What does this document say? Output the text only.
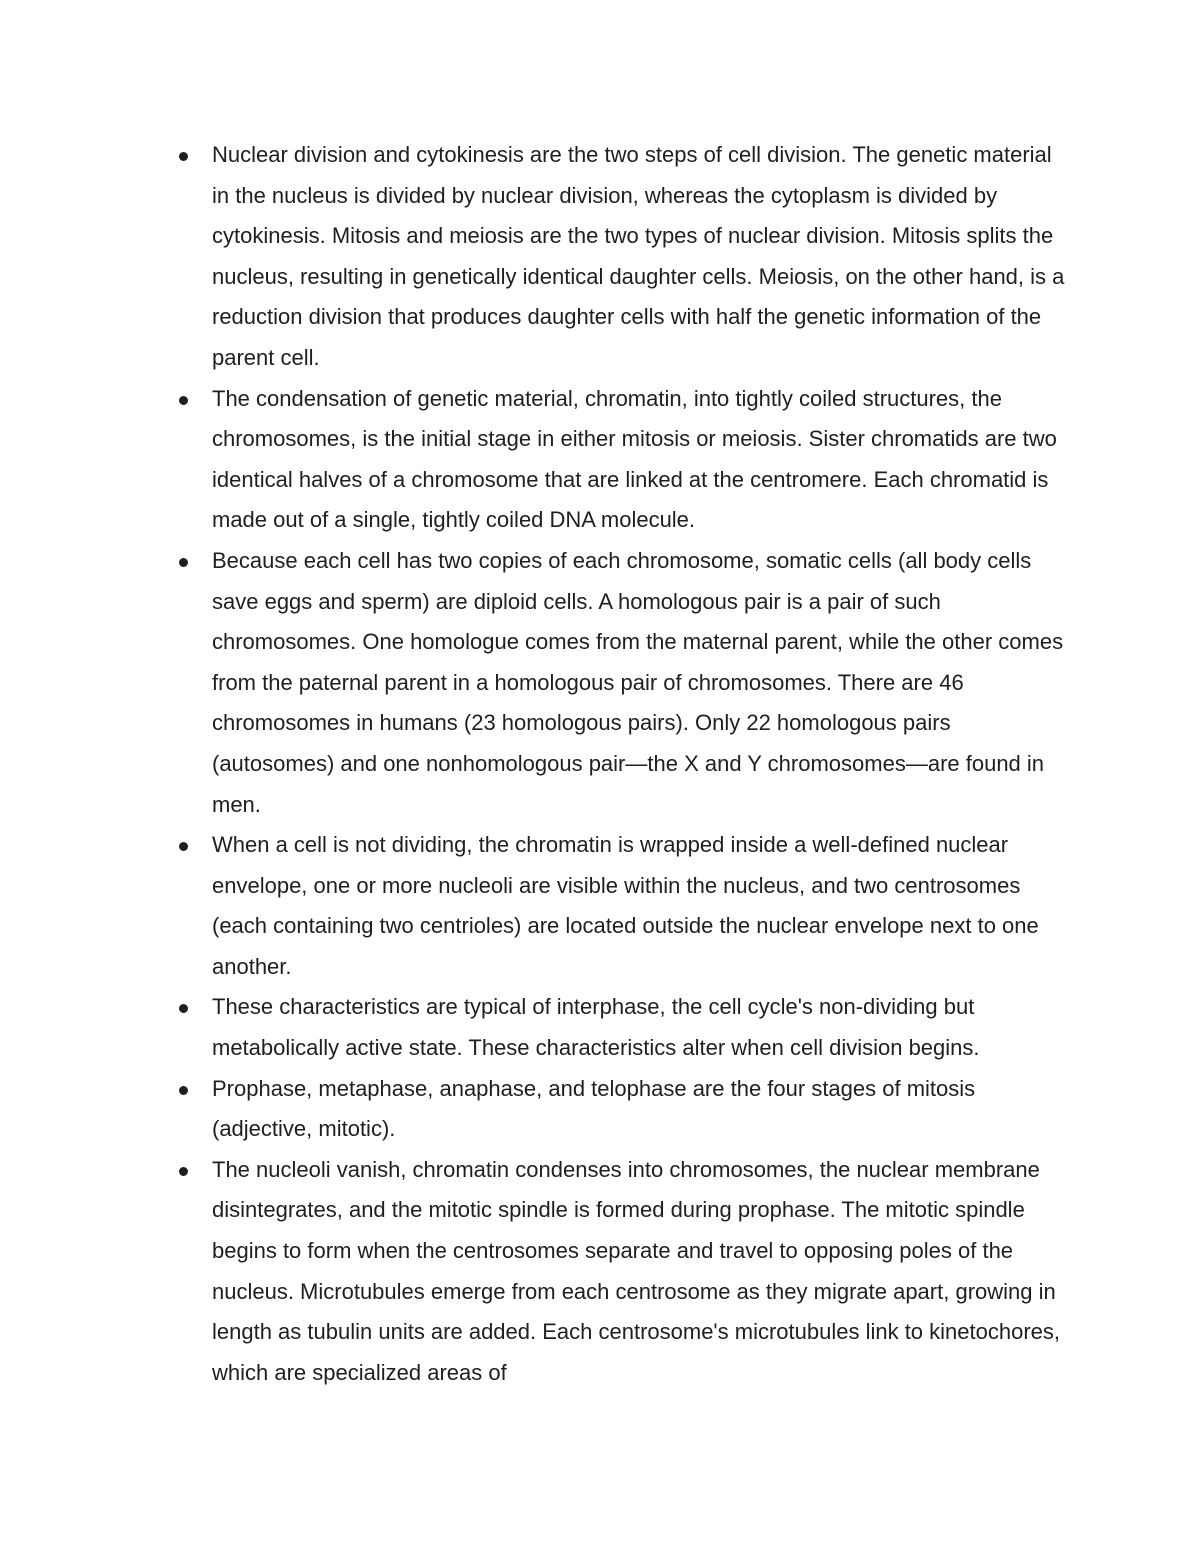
Nuclear division and cytokinesis are the two steps of cell division. The genetic material in the nucleus is divided by nuclear division, whereas the cytoplasm is divided by cytokinesis. Mitosis and meiosis are the two types of nuclear division. Mitosis splits the nucleus, resulting in genetically identical daughter cells. Meiosis, on the other hand, is a reduction division that produces daughter cells with half the genetic information of the parent cell.
The condensation of genetic material, chromatin, into tightly coiled structures, the chromosomes, is the initial stage in either mitosis or meiosis. Sister chromatids are two identical halves of a chromosome that are linked at the centromere. Each chromatid is made out of a single, tightly coiled DNA molecule.
Because each cell has two copies of each chromosome, somatic cells (all body cells save eggs and sperm) are diploid cells. A homologous pair is a pair of such chromosomes. One homologue comes from the maternal parent, while the other comes from the paternal parent in a homologous pair of chromosomes. There are 46 chromosomes in humans (23 homologous pairs). Only 22 homologous pairs (autosomes) and one nonhomologous pair—the X and Y chromosomes—are found in men.
When a cell is not dividing, the chromatin is wrapped inside a well-defined nuclear envelope, one or more nucleoli are visible within the nucleus, and two centrosomes (each containing two centrioles) are located outside the nuclear envelope next to one another.
These characteristics are typical of interphase, the cell cycle's non-dividing but metabolically active state. These characteristics alter when cell division begins.
Prophase, metaphase, anaphase, and telophase are the four stages of mitosis (adjective, mitotic).
The nucleoli vanish, chromatin condenses into chromosomes, the nuclear membrane disintegrates, and the mitotic spindle is formed during prophase. The mitotic spindle begins to form when the centrosomes separate and travel to opposing poles of the nucleus. Microtubules emerge from each centrosome as they migrate apart, growing in length as tubulin units are added. Each centrosome's microtubules link to kinetochores, which are specialized areas of
